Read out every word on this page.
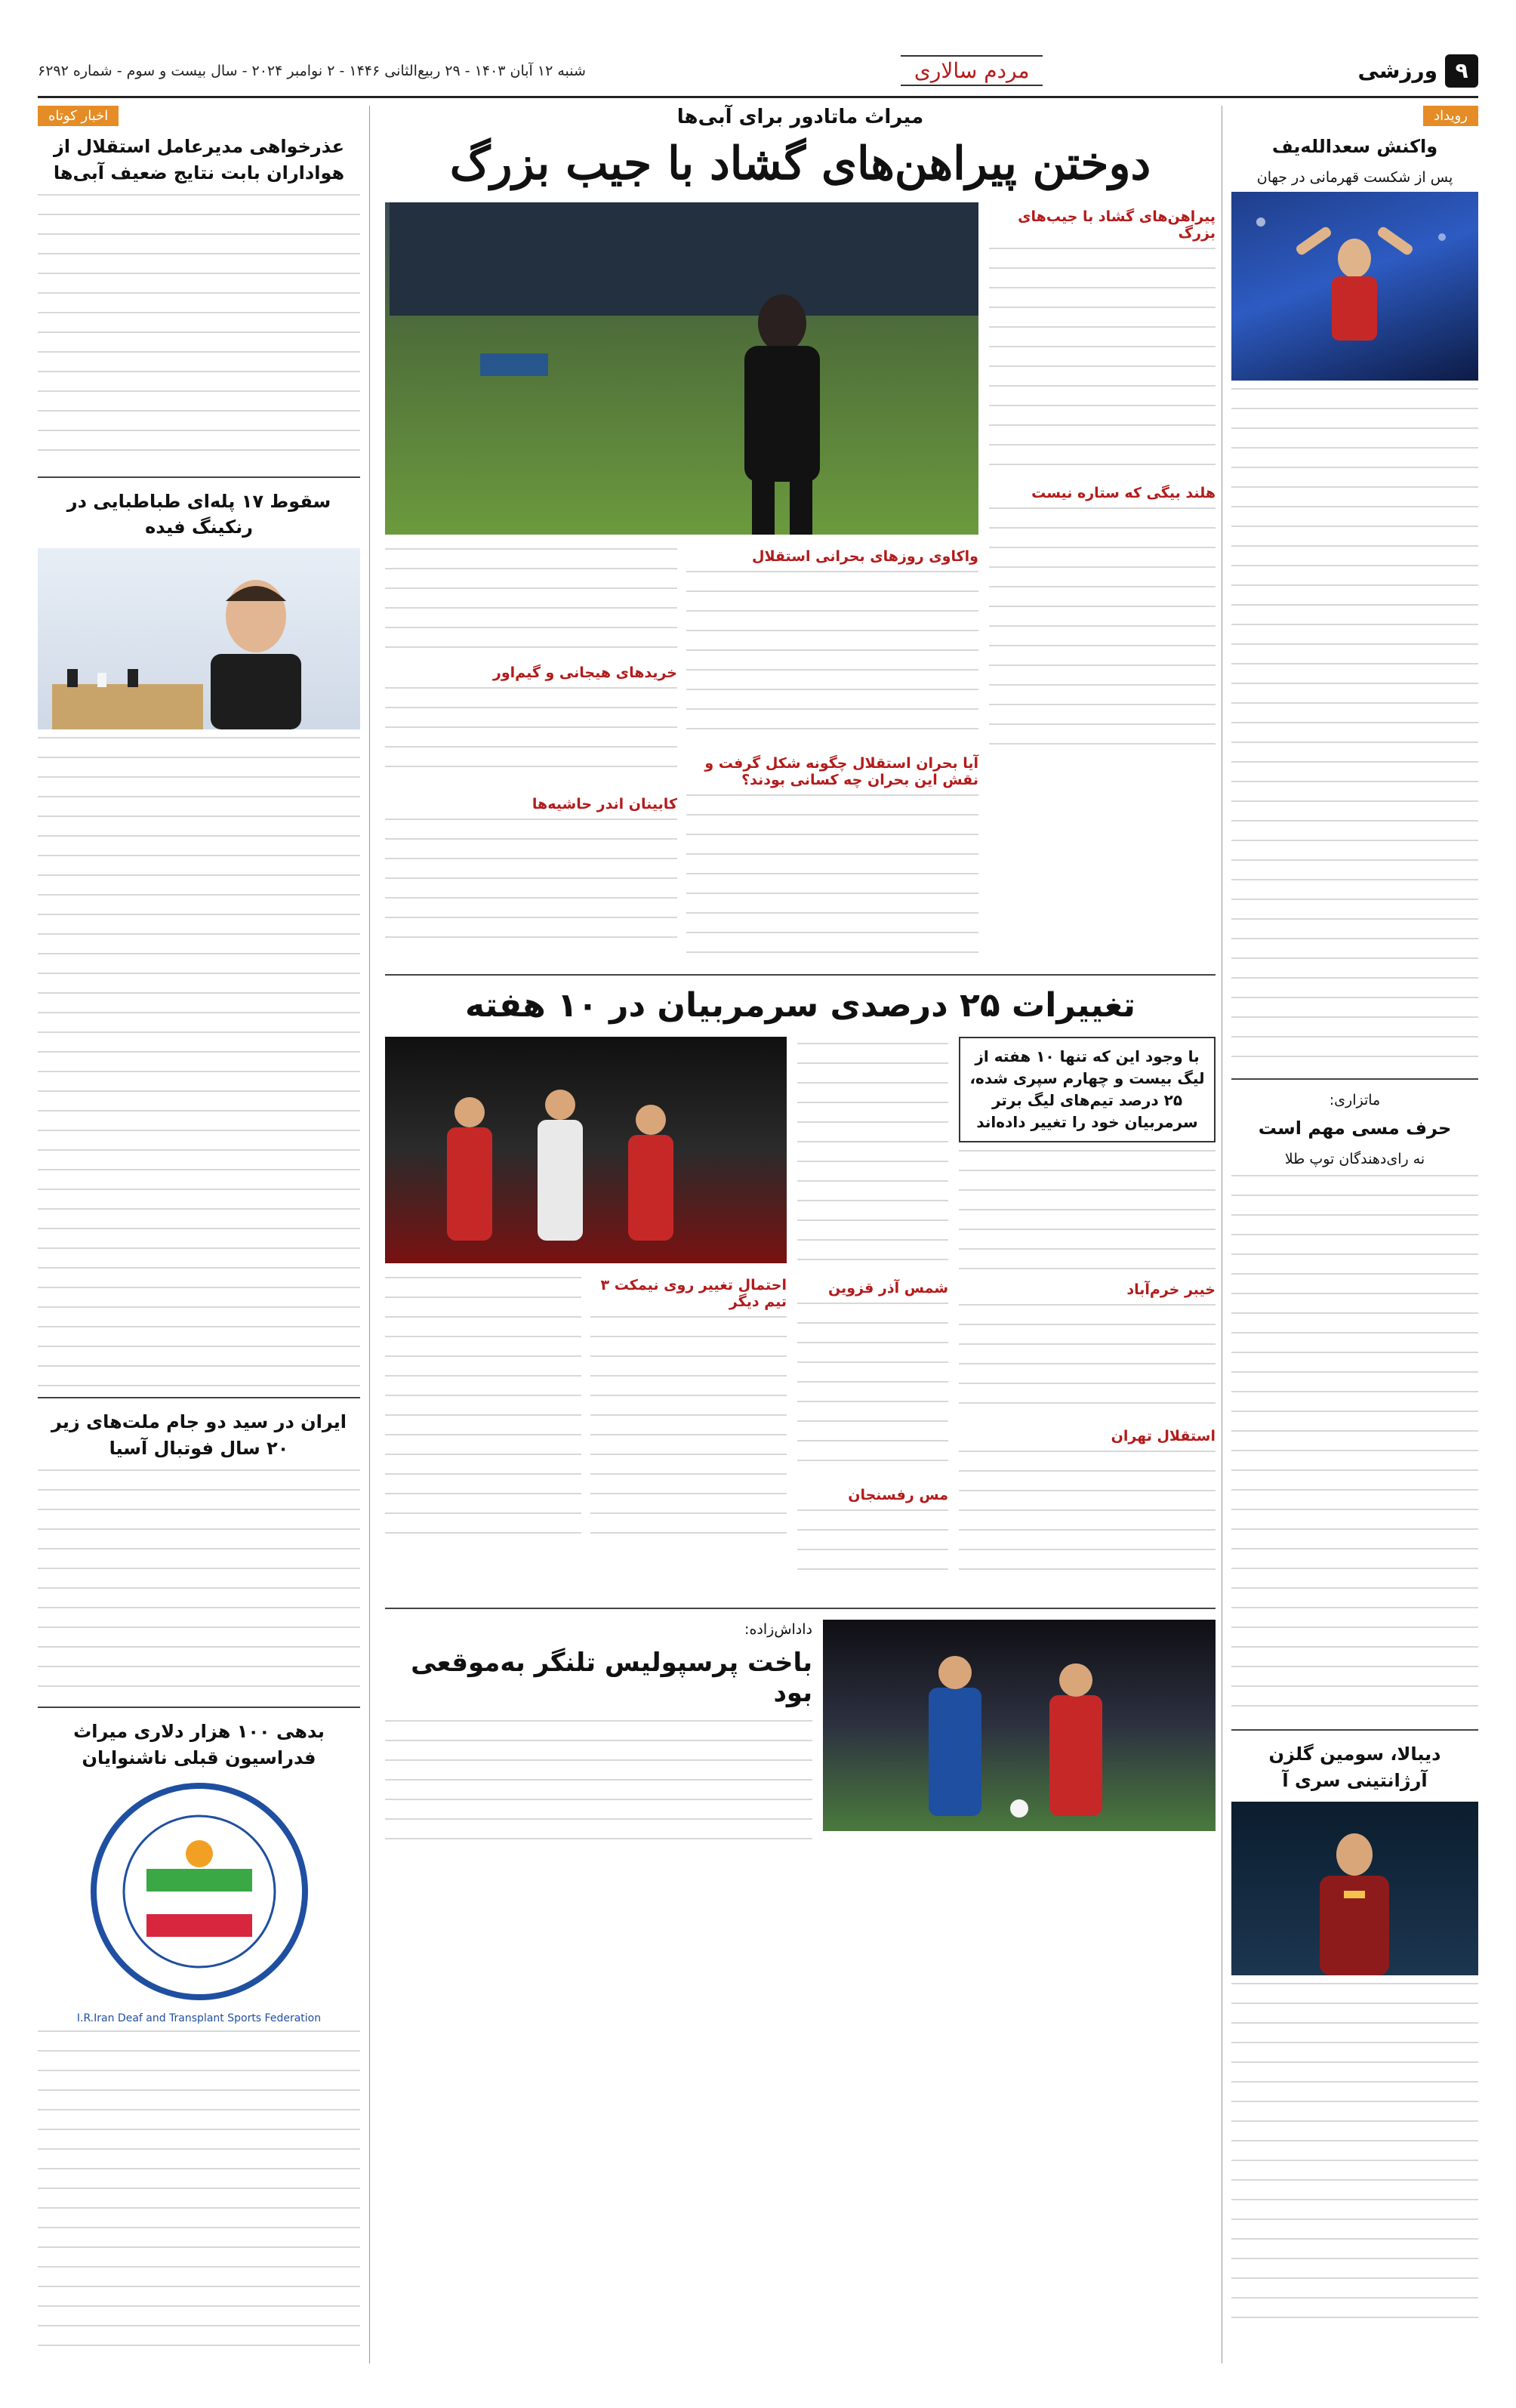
۹
ورزشی
مردم سالاری
شنبه ۱۲ آبان ۱۴۰۳ - ۲۹ ربیع‌الثانی ۱۴۴۶ - ۲ نوامبر ۲۰۲۴ - سال بیست و سوم - شماره ۶۲۹۲
رویداد
واکنش سعدالله‌یف
پس از شکست قهرمانی در جهان
ماتزاری:
حرف مسی مهم است
نه رای‌دهندگان توپ طلا
دیبالا، سومین گلزن آرژانتینی سری آ
اخبار کوتاه
عذرخواهی مدیرعامل استقلال از هواداران بابت نتایج ضعیف آبی‌ها
سقوط ۱۷ پله‌ای طباطبایی در رنکینگ فیده
ایران در سید دو جام ملت‌های زیر ۲۰ سال فوتبال آسیا
بدهی ۱۰۰ هزار دلاری میراث فدراسیون قبلی ناشنوایان
I.R.Iran Deaf and Transplant Sports Federation
میراث ماتادور برای آبی‌ها
دوختن پیراهن‌های گشاد با جیب بزرگ
پیراهن‌های گشاد با جیب‌های بزرگ
هلند بیگی که ستاره نیست
واکاوی روزهای بحرانی استقلال
آیا بحران استقلال چگونه شکل گرفت و نقش این بحران چه کسانی بودند؟
خریدهای هیجانی و گیم‌اور
کابینان اندر حاشیه‌ها
تغییرات ۲۵ درصدی سرمربیان در ۱۰ هفته
با وجود این که تنها ۱۰ هفته از لیگ بیست و چهارم سپری شده، ۲۵ درصد تیم‌های لیگ برتر سرمربیان خود را تغییر داده‌اند
خیبر خرم‌آباد
استقلال تهران
شمس آذر قزوین
مس رفسنجان
احتمال تغییر روی نیمکت ۳ تیم دیگر
داداش‌زاده:
باخت پرسپولیس تلنگر به‌موقعی بود
